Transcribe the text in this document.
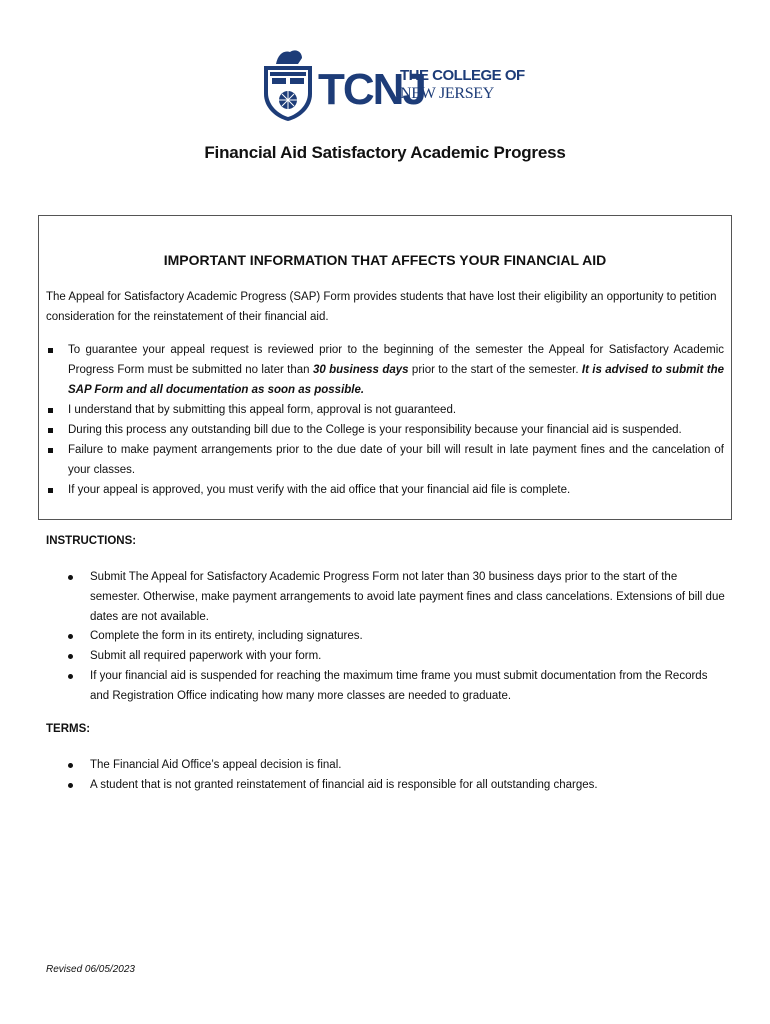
TCNJ
THE COLLEGE OF
NEW JERSEY
Financial Aid Satisfactory Academic Progress
IMPORTANT INFORMATION THAT AFFECTS YOUR FINANCIAL AID
The Appeal for Satisfactory Academic Progress (SAP) Form provides students that have lost their eligibility an opportunity to petition consideration for the reinstatement of their financial aid.
To guarantee your appeal request is reviewed prior to the beginning of the semester the Appeal for Satisfactory Academic Progress Form must be submitted no later than 30 business days prior to the start of the semester. It is advised to submit the SAP Form and all documentation as soon as possible.
I understand that by submitting this appeal form, approval is not guaranteed.
During this process any outstanding bill due to the College is your responsibility because your financial aid is suspended.
Failure to make payment arrangements prior to the due date of your bill will result in late payment fines and the cancelation of your classes.
If your appeal is approved, you must verify with the aid office that your financial aid file is complete.
INSTRUCTIONS:
Submit The Appeal for Satisfactory Academic Progress Form not later than 30 business days prior to the start of the semester. Otherwise, make payment arrangements to avoid late payment fines and class cancelations. Extensions of bill due dates are not available.
Complete the form in its entirety, including signatures.
Submit all required paperwork with your form.
If your financial aid is suspended for reaching the maximum time frame you must submit documentation from the Records and Registration Office indicating how many more classes are needed to graduate.
TERMS:
The Financial Aid Office’s appeal decision is final.
A student that is not granted reinstatement of financial aid is responsible for all outstanding charges.
Revised 06/05/2023
